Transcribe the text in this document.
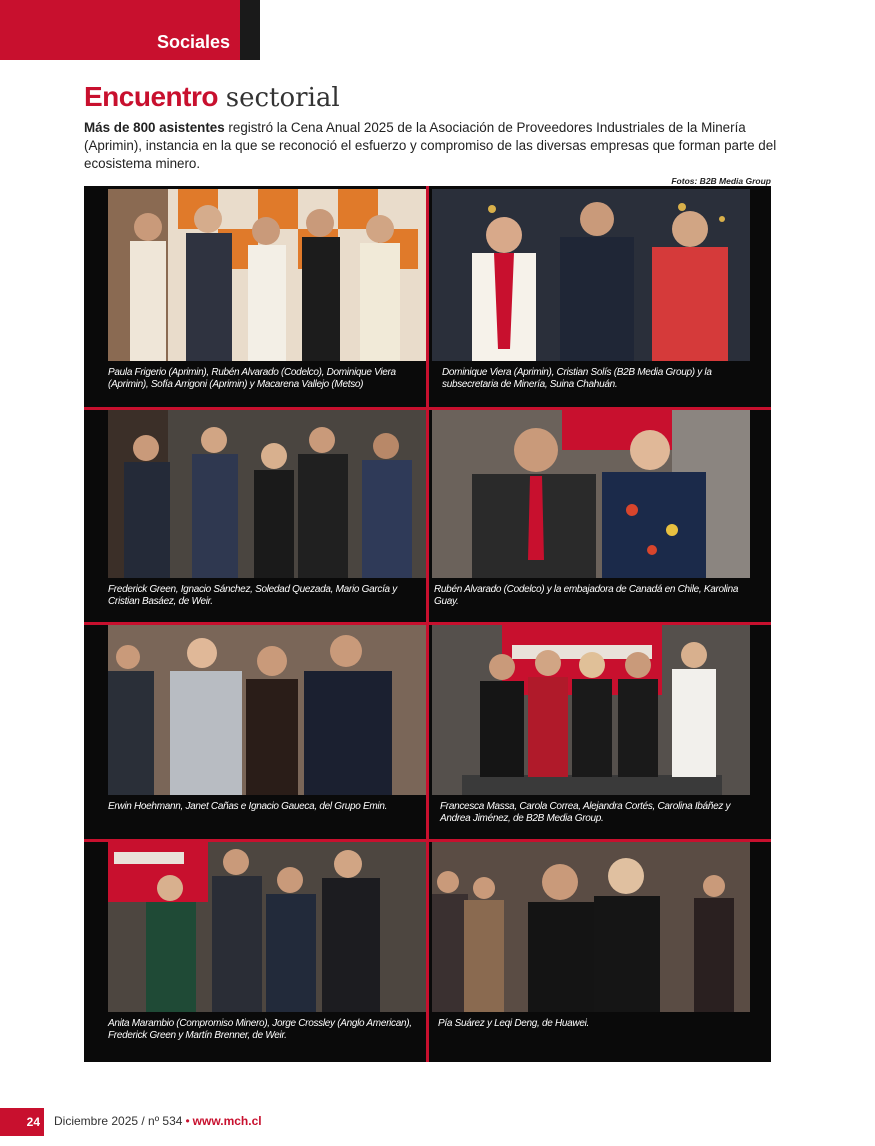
Sociales
Encuentro sectorial

Más de 800 asistentes registró la Cena Anual 2025 de la Asociación de Proveedores Industriales de la Minería (Aprimin), instancia en la que se reconoció el esfuerzo y compromiso de las diversas empresas que forman parte del ecosistema minero.

Fotos: B2B Media Group
Paula Frigerio (Aprimin), Rubén Alvarado (Codelco), Dominique Viera (Aprimin), Sofía Arrigoni (Aprimin) y Macarena Vallejo (Metso)
Dominique Viera (Aprimin), Cristian Solís (B2B Media Group) y la subsecretaria de Minería, Suina Chahuán.
Frederick Green, Ignacio Sánchez, Soledad Quezada, Mario García y Cristian Basáez, de Weir.
Rubén Alvarado (Codelco) y la embajadora de Canadá en Chile, Karolina Guay.
Erwin Hoehmann, Janet Cañas e Ignacio Gaueca, del Grupo Emin.	Francesca Massa, Carola Correa, Alejandra Cortés, Carolina Ibáñez y Andrea Jiménez, de B2B Media Group.
Anita Marambio (Compromiso Minero), Jorge Crossley (Anglo American), Frederick Green y Martín Brenner, de Weir.
Pía Suárez y Leqi Deng, de Huawei.
24	Diciembre 2025 / nº 534 • www.mch.cl
